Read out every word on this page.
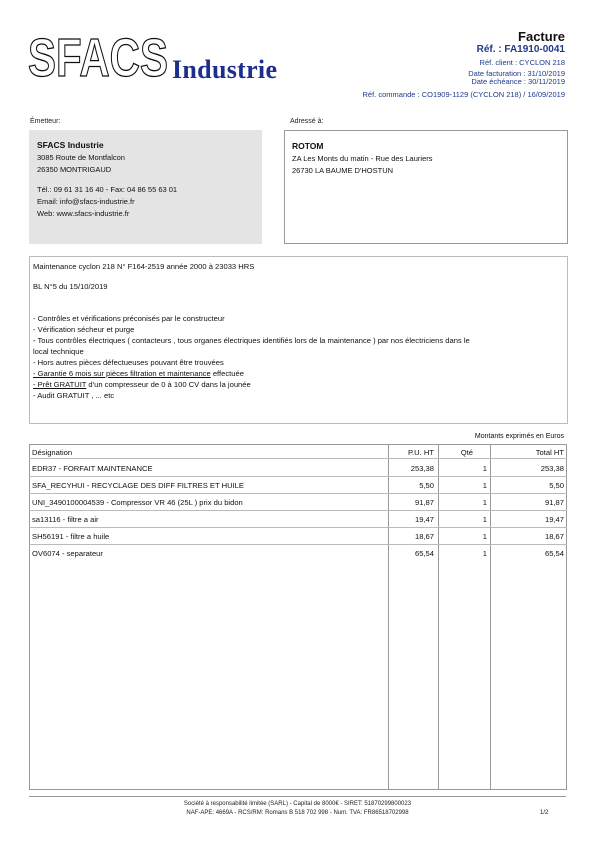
SFACS Industrie
Facture
Réf. : FA1910-0041
Réf. client : CYCLON 218
Date facturation : 31/10/2019
Date échéance : 30/11/2019
Réf. commande : CO1909-1129 (CYCLON 218) / 16/09/2019
Émetteur:
SFACS Industrie
3085 Route de Montfalcon
26350 MONTRIGAUD
Tél.: 09 61 31 16 40 - Fax: 04 86 55 63 01
Email: info@sfacs-industrie.fr
Web: www.sfacs-industrie.fr
Adressé à:
ROTOM
ZA Les Monts du matin - Rue des Lauriers
26730 LA BAUME D'HOSTUN
Maintenance cyclon 218 N° F164-2519 année 2000 à 23033 HRS
BL N°5 du 15/10/2019
- Contrôles et vérifications préconisés par le constructeur
- Vérification sécheur et purge
- Tous contrôles électriques ( contacteurs , tous organes électriques identifiés lors de la maintenance ) par nos électriciens dans le
local technique
- Hors autres pièces défectueuses pouvant être trouvées
- Garantie 6 mois sur pièces filtration et maintenance effectuée
- Prêt GRATUIT d'un compresseur de 0 à 100 CV dans la jounée
- Audit GRATUIT , ... etc
Montants exprimés en Euros
Désignation	P.U. HT	Qté	Total HT
EDR37 - FORFAIT MAINTENANCE	253,38	1	253,38
SFA_RECYHUI - RECYCLAGE DES DIFF FILTRES ET HUILE	5,50	1	5,50
UNI_3490100004539 - Compressor VR 46 (25L ) prix du bidon	91,87	1	91,87
sa13116 - filtre a air	19,47	1	19,47
SH56191 - filtre a huile	18,67	1	18,67
OV6074 - separateur	65,54	1	65,54
Société à responsabilité limitée (SARL) - Capital de 8000€ - SIRET: 51870299800023
NAF-APE: 4669A - RCS/RM: Romans B 518 702 998 - Num. TVA: FR86518702998	1/2
